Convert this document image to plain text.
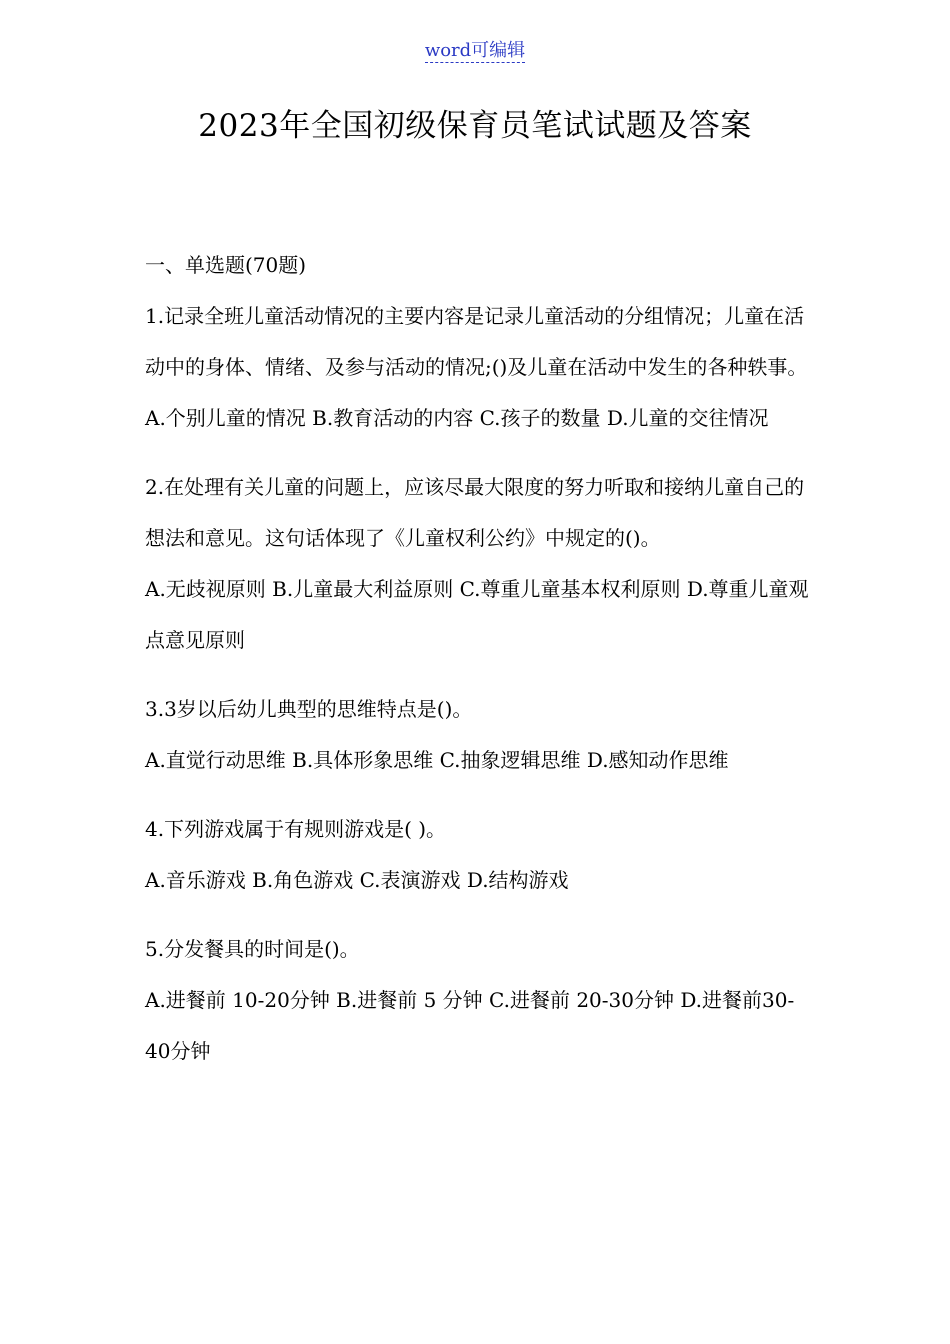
word可编辑
2023年全国初级保育员笔试试题及答案

一、单选题(70题)

1.记录全班儿童活动情况的主要内容是记录儿童活动的分组情况；儿童在活动中的身体、情绪、及参与活动的情况;()及儿童在活动中发生的各种轶事。

A.个别儿童的情况 B.教育活动的内容 C.孩子的数量 D.儿童的交往情况

2.在处理有关儿童的问题上，应该尽最大限度的努力听取和接纳儿童自己的想法和意见。这句话体现了《儿童权利公约》中规定的()。

A.无歧视原则 B.儿童最大利益原则 C.尊重儿童基本权利原则 D.尊重儿童观点意见原则

3.3岁以后幼儿典型的思维特点是()。

A.直觉行动思维 B.具体形象思维 C.抽象逻辑思维 D.感知动作思维

4.下列游戏属于有规则游戏是( )。

A.音乐游戏 B.角色游戏 C.表演游戏 D.结构游戏

5.分发餐具的时间是()。

A.进餐前 10-20分钟 B.进餐前 5 分钟 C.进餐前 20-30分钟 D.进餐前30-40分钟
